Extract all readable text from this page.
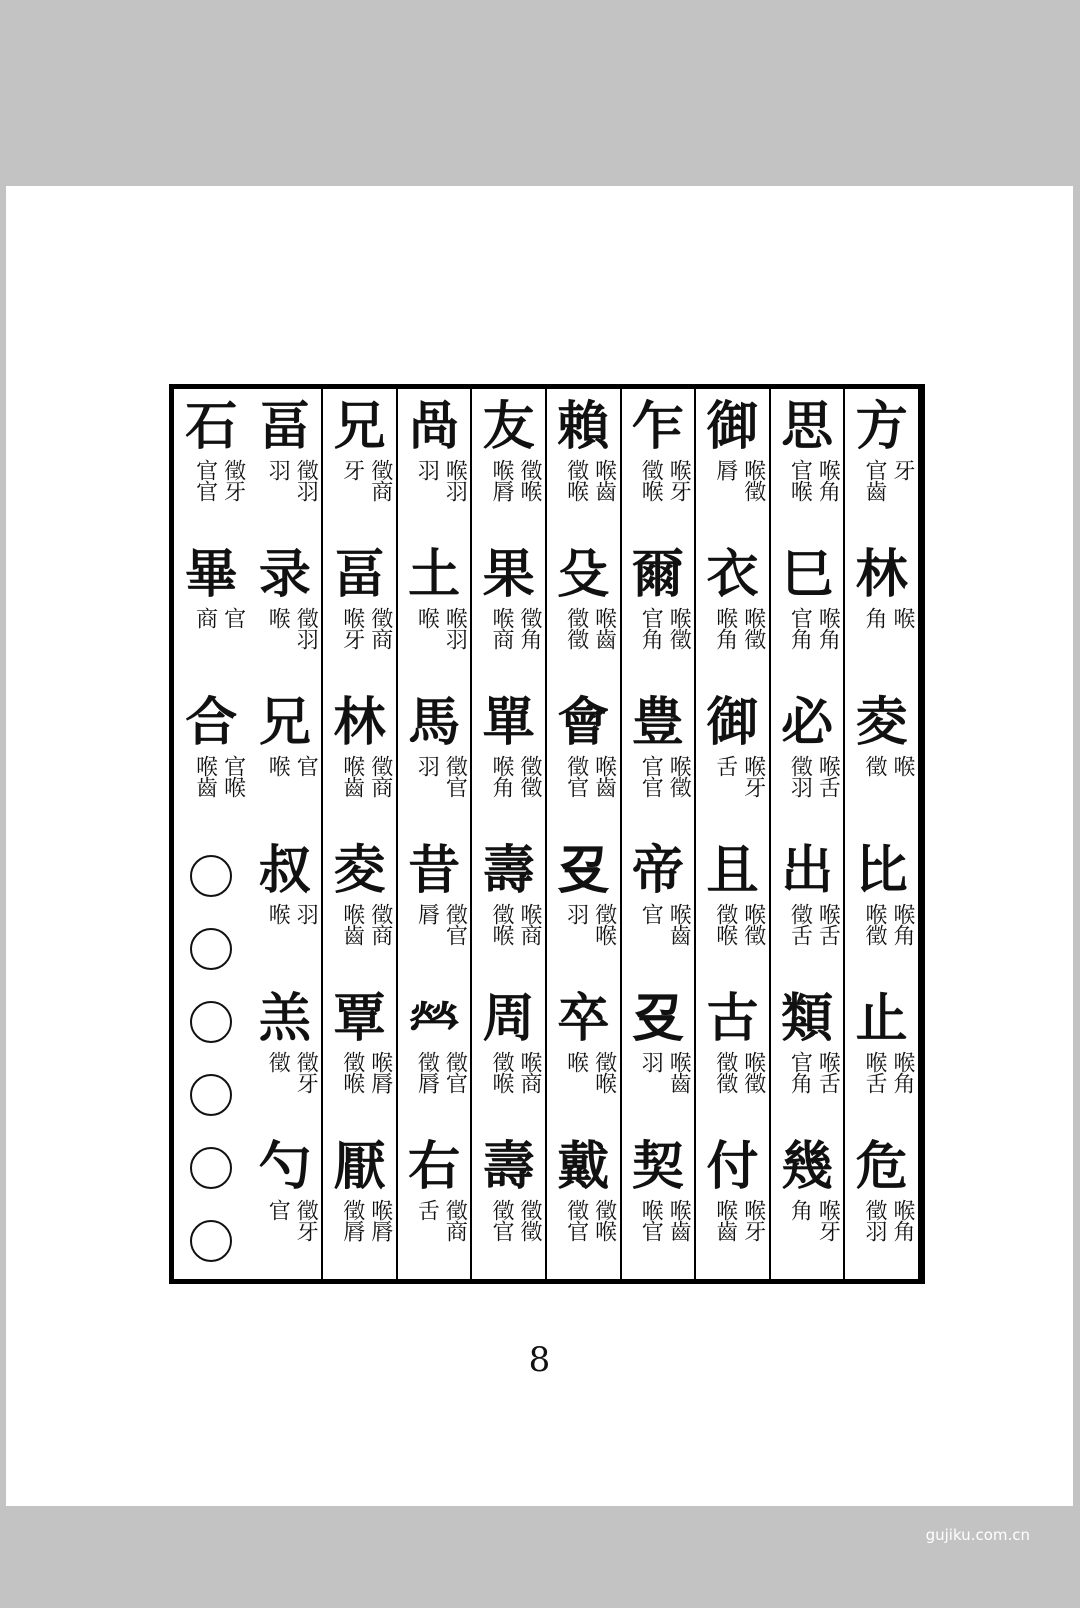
方
牙
官齒
林
喉
角
夌
喉
徵
比
喉角
喉徵
止
喉角
喉舌
危
喉角
徵羽
思
喉角
官喉
巳
喉角
官角
必
喉舌
徵羽
出
喉舌
徵舌
類
喉舌
官角
幾
喉牙
角
御
喉徵
脣
衣
喉徵
喉角
御
喉牙
舌
且
喉徵
徵喉
古
喉徵
徵徵
付
喉牙
喉齒
乍
喉牙
徵喉
爾
喉徵
官角
豊
喉徵
官官
帝
喉齒
官
𠬛
喉齒
羽
契
喉齒
喉官
賴
喉齒
徵喉
殳
喉齒
徵徵
會
喉齒
徵官
𠬛
徵喉
羽
卒
徵喉
喉
戴
徵喉
徵官
友
徵喉
喉脣
果
徵角
喉商
單
徵徵
喉角
壽
喉商
徵喉
周
喉商
徵喉
壽
徵徵
徵官
咼
喉羽
羽
土
喉羽
喉
馬
徵官
羽
昔
徵官
脣
𤇾
徵官
徵脣
右
徵商
舌
兄
徵商
牙
畐
徵商
喉牙
林
徵商
喉齒
夌
徵商
喉齒
覃
喉脣
徵喉
厭
喉脣
徵脣
畐
徵羽
羽
录
徵羽
喉
兄
官
喉
叔
羽
喉
羔
徵牙
徵
勺
徵牙
官
石
徵牙
官官
畢
官
商
合
官喉
喉齒
8
gujiku.com.cn
